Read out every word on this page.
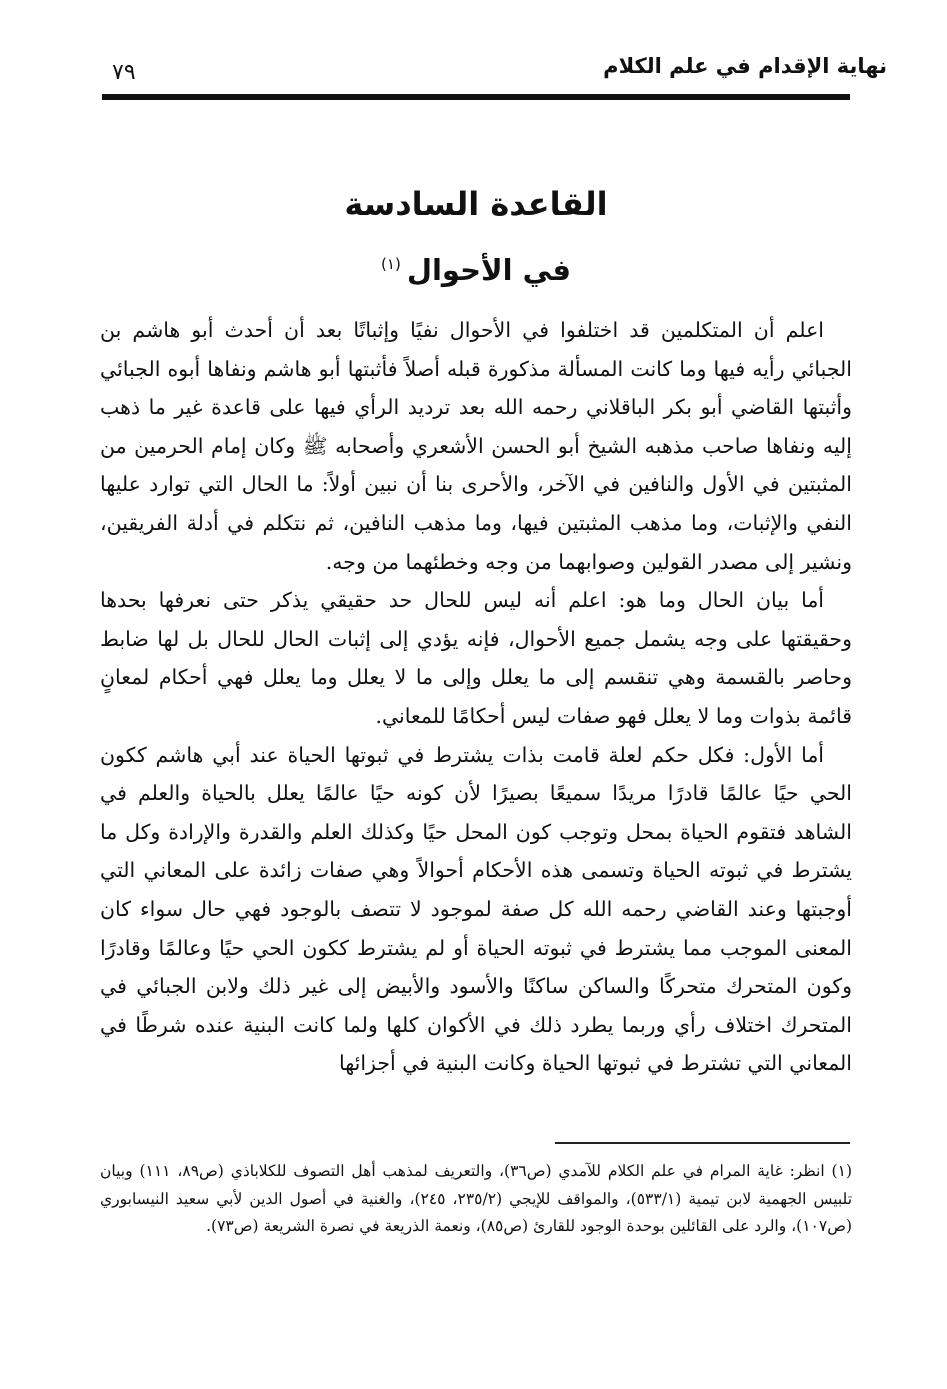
نهاية الإقدام في علم الكلام
٧٩
القاعدة السادسة
في الأحوال$^{(١)}$

اعلم أن المتكلمين قد اختلفوا في الأحوال نفيًا وإثباتًا بعد أن أحدث أبو هاشم بن الجبائي رأيه فيها وما كانت المسألة مذكورة قبله أصلاً فأثبتها أبو هاشم ونفاها أبوه الجبائي وأثبتها القاضي أبو بكر الباقلاني رحمه الله بعد ترديد الرأي فيها على قاعدة غير ما ذهب إليه ونفاها صاحب مذهبه الشيخ أبو الحسن الأشعري وأصحابه ﷺ وكان إمام الحرمين من المثبتين في الأول والنافين في الآخر، والأحرى بنا أن نبين أولاً: ما الحال التي توارد عليها النفي والإثبات، وما مذهب المثبتين فيها، وما مذهب النافين، ثم نتكلم في أدلة الفريقين، ونشير إلى مصدر القولين وصوابهما من وجه وخطئهما من وجه.

أما بيان الحال وما هو: اعلم أنه ليس للحال حد حقيقي يذكر حتى نعرفها بحدها وحقيقتها على وجه يشمل جميع الأحوال، فإنه يؤدي إلى إثبات الحال للحال بل لها ضابط وحاصر بالقسمة وهي تنقسم إلى ما يعلل وإلى ما لا يعلل وما يعلل فهي أحكام لمعانٍ قائمة بذوات وما لا يعلل فهو صفات ليس أحكامًا للمعاني.

أما الأول: فكل حكم لعلة قامت بذات يشترط في ثبوتها الحياة عند أبي هاشم ككون الحي حيًا عالمًا قادرًا مريدًا سميعًا بصيرًا لأن كونه حيًا عالمًا يعلل بالحياة والعلم في الشاهد فتقوم الحياة بمحل وتوجب كون المحل حيًا وكذلك العلم والقدرة والإرادة وكل ما يشترط في ثبوته الحياة وتسمى هذه الأحكام أحوالاً وهي صفات زائدة على المعاني التي أوجبتها وعند القاضي رحمه الله كل صفة لموجود لا تتصف بالوجود فهي حال سواء كان المعنى الموجب مما يشترط في ثبوته الحياة أو لم يشترط ككون الحي حيًا وعالمًا وقادرًا وكون المتحرك متحركًا والساكن ساكنًا والأسود والأبيض إلى غير ذلك ولابن الجبائي في المتحرك اختلاف رأي وربما يطرد ذلك في الأكوان كلها ولما كانت البنية عنده شرطًا في المعاني التي تشترط في ثبوتها الحياة وكانت البنية في أجزائها

(١) انظر: غاية المرام في علم الكلام للآمدي (ص٣٦)، والتعريف لمذهب أهل التصوف للكلاباذي (ص٨٩، ١١١) وبيان تلبيس الجهمية لابن تيمية (٥٣٣/١)، والمواقف للإيجي (٢٣٥/٢، ٢٤٥)، والغنية في أصول الدين لأبي سعيد النيسابوري (ص١٠٧)، والرد على القائلين بوحدة الوجود للقارئ (ص٨٥)، ونعمة الذريعة في نصرة الشريعة (ص٧٣).
